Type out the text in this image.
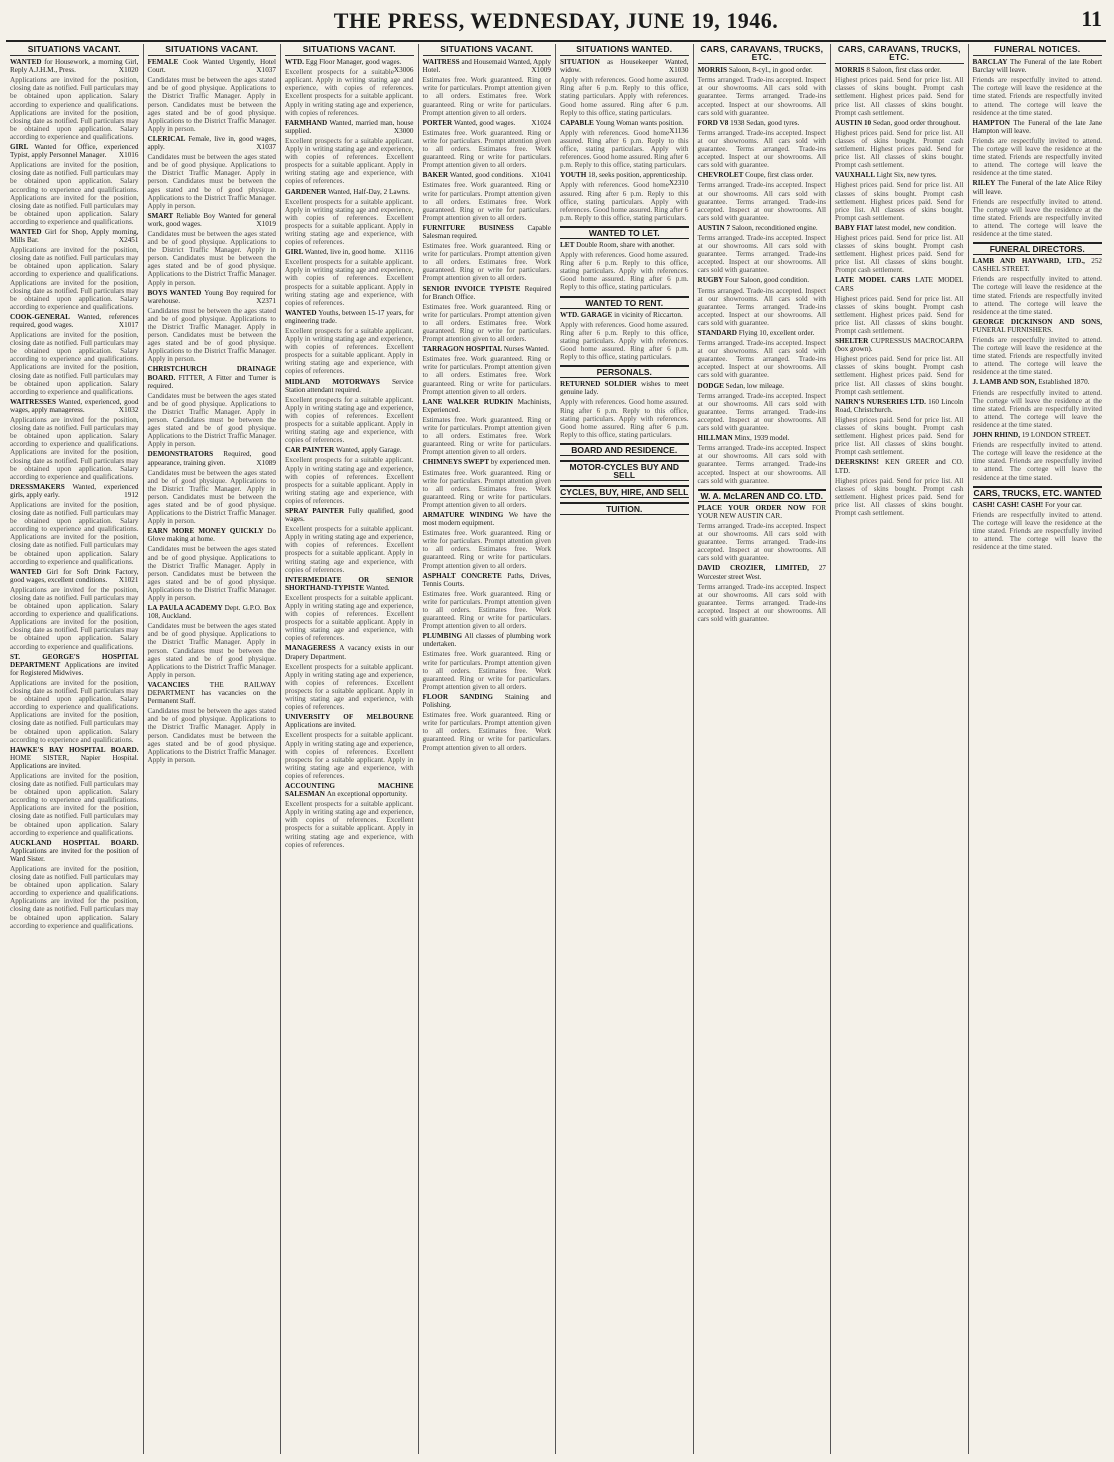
THE PRESS, WEDNESDAY, JUNE 19, 1946.	11
SITUATIONS VACANT.
WANTED for Housework, a morning Girl, Reply A.J.H.M., Press.	X1020
Applications are invited for the position, closing date as notified. Full particulars may be obtained upon application. Salary according to experience and qualifications. Applications are invited for the position, closing date as notified. Full particulars may be obtained upon application. Salary according to experience and qualifications.
GIRL Wanted for Office, experienced Typist, apply Personnel Manager. X1016
Applications are invited for the position, closing date as notified. Full particulars may be obtained upon application. Salary according to experience and qualifications. Applications are invited for the position, closing date as notified. Full particulars may be obtained upon application. Salary according to experience and qualifications.
WANTED Girl for Shop, Apply morning, Mills Bar.	X2451
Applications are invited for the position, closing date as notified. Full particulars may be obtained upon application. Salary according to experience and qualifications. Applications are invited for the position, closing date as notified. Full particulars may be obtained upon application. Salary according to experience and qualifications.
COOK-GENERAL Wanted, references required, good wages.	X1017
Applications are invited for the position, closing date as notified. Full particulars may be obtained upon application. Salary according to experience and qualifications. Applications are invited for the position, closing date as notified. Full particulars may be obtained upon application. Salary according to experience and qualifications.
WAITRESSES Wanted, experienced, good wages, apply manageress.	X1032
Applications are invited for the position, closing date as notified. Full particulars may be obtained upon application. Salary according to experience and qualifications. Applications are invited for the position, closing date as notified. Full particulars may be obtained upon application. Salary according to experience and qualifications.
DRESSMAKERS Wanted, experienced girls, apply early.	1912
Applications are invited for the position, closing date as notified. Full particulars may be obtained upon application. Salary according to experience and qualifications. Applications are invited for the position, closing date as notified. Full particulars may be obtained upon application. Salary according to experience and qualifications.
WANTED Girl for Soft Drink Factory, good wages, excellent conditions. X1021
Applications are invited for the position, closing date as notified. Full particulars may be obtained upon application. Salary according to experience and qualifications. Applications are invited for the position, closing date as notified. Full particulars may be obtained upon application. Salary according to experience and qualifications.
ST. GEORGE'S HOSPITAL DEPARTMENT Applications are invited for Registered Midwives.
Applications are invited for the position, closing date as notified. Full particulars may be obtained upon application. Salary according to experience and qualifications. Applications are invited for the position, closing date as notified. Full particulars may be obtained upon application. Salary according to experience and qualifications.
HAWKE'S BAY HOSPITAL BOARD. HOME SISTER, Napier Hospital. Applications are invited.
Applications are invited for the position, closing date as notified. Full particulars may be obtained upon application. Salary according to experience and qualifications. Applications are invited for the position, closing date as notified. Full particulars may be obtained upon application. Salary according to experience and qualifications.
AUCKLAND HOSPITAL BOARD. Applications are invited for the position of Ward Sister.
Applications are invited for the position, closing date as notified. Full particulars may be obtained upon application. Salary according to experience and qualifications. Applications are invited for the position, closing date as notified. Full particulars may be obtained upon application. Salary according to experience and qualifications.
SITUATIONS VACANT.
FEMALE Cook Wanted Urgently, Hotel Court.	X1037
Candidates must be between the ages stated and be of good physique. Applications to the District Traffic Manager. Apply in person. Candidates must be between the ages stated and be of good physique. Applications to the District Traffic Manager. Apply in person.
CLERICAL Female, live in, good wages, apply.	X1037
Candidates must be between the ages stated and be of good physique. Applications to the District Traffic Manager. Apply in person. Candidates must be between the ages stated and be of good physique. Applications to the District Traffic Manager. Apply in person.
SMART Reliable Boy Wanted for general work, good wages.	X1019
Candidates must be between the ages stated and be of good physique. Applications to the District Traffic Manager. Apply in person. Candidates must be between the ages stated and be of good physique. Applications to the District Traffic Manager. Apply in person.
BOYS WANTED Young Boy required for warehouse.	X2371
Candidates must be between the ages stated and be of good physique. Applications to the District Traffic Manager. Apply in person. Candidates must be between the ages stated and be of good physique. Applications to the District Traffic Manager. Apply in person.
CHRISTCHURCH DRAINAGE BOARD. FITTER, A Fitter and Turner is required.
Candidates must be between the ages stated and be of good physique. Applications to the District Traffic Manager. Apply in person. Candidates must be between the ages stated and be of good physique. Applications to the District Traffic Manager. Apply in person.
DEMONSTRATORS Required, good appearance, training given.	X1089
Candidates must be between the ages stated and be of good physique. Applications to the District Traffic Manager. Apply in person. Candidates must be between the ages stated and be of good physique. Applications to the District Traffic Manager. Apply in person.
EARN MORE MONEY QUICKLY Do Glove making at home.
Candidates must be between the ages stated and be of good physique. Applications to the District Traffic Manager. Apply in person. Candidates must be between the ages stated and be of good physique. Applications to the District Traffic Manager. Apply in person.
LA PAULA ACADEMY Dept. G.P.O. Box 108, Auckland.
Candidates must be between the ages stated and be of good physique. Applications to the District Traffic Manager. Apply in person. Candidates must be between the ages stated and be of good physique. Applications to the District Traffic Manager. Apply in person.
VACANCIES THE RAILWAY DEPARTMENT has vacancies on the Permanent Staff.
Candidates must be between the ages stated and be of good physique. Applications to the District Traffic Manager. Apply in person. Candidates must be between the ages stated and be of good physique. Applications to the District Traffic Manager. Apply in person.
SITUATIONS VACANT.
WTD. Egg Floor Manager, good wages.
X3006
Excellent prospects for a suitable applicant. Apply in writing stating age and experience, with copies of references. Excellent prospects for a suitable applicant. Apply in writing stating age and experience, with copies of references.
FARMHAND Wanted, married man, house supplied.	X3000
Excellent prospects for a suitable applicant. Apply in writing stating age and experience, with copies of references. Excellent prospects for a suitable applicant. Apply in writing stating age and experience, with copies of references.
GARDENER Wanted, Half-Day, 2 Lawns.
Excellent prospects for a suitable applicant. Apply in writing stating age and experience, with copies of references. Excellent prospects for a suitable applicant. Apply in writing stating age and experience, with copies of references.
GIRL Wanted, live in, good home. X1116
Excellent prospects for a suitable applicant. Apply in writing stating age and experience, with copies of references. Excellent prospects for a suitable applicant. Apply in writing stating age and experience, with copies of references.
WANTED Youths, between 15-17 years, for engineering trade.
Excellent prospects for a suitable applicant. Apply in writing stating age and experience, with copies of references. Excellent prospects for a suitable applicant. Apply in writing stating age and experience, with copies of references.
MIDLAND MOTORWAYS Service Station attendant required.
Excellent prospects for a suitable applicant. Apply in writing stating age and experience, with copies of references. Excellent prospects for a suitable applicant. Apply in writing stating age and experience, with copies of references.
CAR PAINTER Wanted, apply Garage.
Excellent prospects for a suitable applicant. Apply in writing stating age and experience, with copies of references. Excellent prospects for a suitable applicant. Apply in writing stating age and experience, with copies of references.
SPRAY PAINTER Fully qualified, good wages.
Excellent prospects for a suitable applicant. Apply in writing stating age and experience, with copies of references. Excellent prospects for a suitable applicant. Apply in writing stating age and experience, with copies of references.
INTERMEDIATE OR SENIOR SHORTHAND-TYPISTE Wanted.
Excellent prospects for a suitable applicant. Apply in writing stating age and experience, with copies of references. Excellent prospects for a suitable applicant. Apply in writing stating age and experience, with copies of references.
MANAGERESS A vacancy exists in our Drapery Department.
Excellent prospects for a suitable applicant. Apply in writing stating age and experience, with copies of references. Excellent prospects for a suitable applicant. Apply in writing stating age and experience, with copies of references.
UNIVERSITY OF MELBOURNE Applications are invited.
Excellent prospects for a suitable applicant. Apply in writing stating age and experience, with copies of references. Excellent prospects for a suitable applicant. Apply in writing stating age and experience, with copies of references.
ACCOUNTING MACHINE SALESMAN An exceptional opportunity.
Excellent prospects for a suitable applicant. Apply in writing stating age and experience, with copies of references. Excellent prospects for a suitable applicant. Apply in writing stating age and experience, with copies of references.
SITUATIONS VACANT.
WAITRESS and Housemaid Wanted, Apply Hotel.	X1009
Estimates free. Work guaranteed. Ring or write for particulars. Prompt attention given to all orders. Estimates free. Work guaranteed. Ring or write for particulars. Prompt attention given to all orders.
PORTER Wanted, good wages. X1024
Estimates free. Work guaranteed. Ring or write for particulars. Prompt attention given to all orders. Estimates free. Work guaranteed. Ring or write for particulars. Prompt attention given to all orders.
BAKER Wanted, good conditions. X1041
Estimates free. Work guaranteed. Ring or write for particulars. Prompt attention given to all orders. Estimates free. Work guaranteed. Ring or write for particulars. Prompt attention given to all orders.
FURNITURE BUSINESS Capable Salesman required.
Estimates free. Work guaranteed. Ring or write for particulars. Prompt attention given to all orders. Estimates free. Work guaranteed. Ring or write for particulars. Prompt attention given to all orders.
SENIOR INVOICE TYPISTE Required for Branch Office.
Estimates free. Work guaranteed. Ring or write for particulars. Prompt attention given to all orders. Estimates free. Work guaranteed. Ring or write for particulars. Prompt attention given to all orders.
TARRAGON HOSPITAL Nurses Wanted.
Estimates free. Work guaranteed. Ring or write for particulars. Prompt attention given to all orders. Estimates free. Work guaranteed. Ring or write for particulars. Prompt attention given to all orders.
LANE WALKER RUDKIN Machinists, Experienced.
Estimates free. Work guaranteed. Ring or write for particulars. Prompt attention given to all orders. Estimates free. Work guaranteed. Ring or write for particulars. Prompt attention given to all orders.
CHIMNEYS SWEPT by experienced men.
Estimates free. Work guaranteed. Ring or write for particulars. Prompt attention given to all orders. Estimates free. Work guaranteed. Ring or write for particulars. Prompt attention given to all orders.
ARMATURE WINDING We have the most modern equipment.
Estimates free. Work guaranteed. Ring or write for particulars. Prompt attention given to all orders. Estimates free. Work guaranteed. Ring or write for particulars. Prompt attention given to all orders.
ASPHALT CONCRETE Paths, Drives, Tennis Courts.
Estimates free. Work guaranteed. Ring or write for particulars. Prompt attention given to all orders. Estimates free. Work guaranteed. Ring or write for particulars. Prompt attention given to all orders.
PLUMBING All classes of plumbing work undertaken.
Estimates free. Work guaranteed. Ring or write for particulars. Prompt attention given to all orders. Estimates free. Work guaranteed. Ring or write for particulars. Prompt attention given to all orders.
FLOOR SANDING Staining and Polishing.
Estimates free. Work guaranteed. Ring or write for particulars. Prompt attention given to all orders. Estimates free. Work guaranteed. Ring or write for particulars. Prompt attention given to all orders.
SITUATIONS WANTED.
SITUATION as Housekeeper Wanted, widow.	X1030
Apply with references. Good home assured. Ring after 6 p.m. Reply to this office, stating particulars. Apply with references. Good home assured. Ring after 6 p.m. Reply to this office, stating particulars.
CAPABLE Young Woman wants position.
X1136
Apply with references. Good home assured. Ring after 6 p.m. Reply to this office, stating particulars. Apply with references. Good home assured. Ring after 6 p.m. Reply to this office, stating particulars.
YOUTH 18, seeks position, apprenticeship.
X2310
Apply with references. Good home assured. Ring after 6 p.m. Reply to this office, stating particulars. Apply with references. Good home assured. Ring after 6 p.m. Reply to this office, stating particulars.
WANTED TO LET.
LET Double Room, share with another.
Apply with references. Good home assured. Ring after 6 p.m. Reply to this office, stating particulars. Apply with references. Good home assured. Ring after 6 p.m. Reply to this office, stating particulars.
WANTED TO RENT.
WTD. GARAGE in vicinity of Riccarton.
Apply with references. Good home assured. Ring after 6 p.m. Reply to this office, stating particulars. Apply with references. Good home assured. Ring after 6 p.m. Reply to this office, stating particulars.
PERSONALS.
RETURNED SOLDIER wishes to meet genuine lady.
Apply with references. Good home assured. Ring after 6 p.m. Reply to this office, stating particulars. Apply with references. Good home assured. Ring after 6 p.m. Reply to this office, stating particulars.
BOARD AND RESIDENCE.
MOTOR-CYCLES BUY AND SELL
CYCLES, BUY, HIRE, AND SELL
TUITION.
CARS, CARAVANS, TRUCKS, ETC.
MORRIS Saloon, 8-cyl., in good order.
Terms arranged. Trade-ins accepted. Inspect at our showrooms. All cars sold with guarantee. Terms arranged. Trade-ins accepted. Inspect at our showrooms. All cars sold with guarantee.
FORD V8 1938 Sedan, good tyres.
Terms arranged. Trade-ins accepted. Inspect at our showrooms. All cars sold with guarantee. Terms arranged. Trade-ins accepted. Inspect at our showrooms. All cars sold with guarantee.
CHEVROLET Coupe, first class order.
Terms arranged. Trade-ins accepted. Inspect at our showrooms. All cars sold with guarantee. Terms arranged. Trade-ins accepted. Inspect at our showrooms. All cars sold with guarantee.
AUSTIN 7 Saloon, reconditioned engine.
Terms arranged. Trade-ins accepted. Inspect at our showrooms. All cars sold with guarantee. Terms arranged. Trade-ins accepted. Inspect at our showrooms. All cars sold with guarantee.
RUGBY Four Saloon, good condition.
Terms arranged. Trade-ins accepted. Inspect at our showrooms. All cars sold with guarantee. Terms arranged. Trade-ins accepted. Inspect at our showrooms. All cars sold with guarantee.
STANDARD Flying 10, excellent order.
Terms arranged. Trade-ins accepted. Inspect at our showrooms. All cars sold with guarantee. Terms arranged. Trade-ins accepted. Inspect at our showrooms. All cars sold with guarantee.
DODGE Sedan, low mileage.
Terms arranged. Trade-ins accepted. Inspect at our showrooms. All cars sold with guarantee. Terms arranged. Trade-ins accepted. Inspect at our showrooms. All cars sold with guarantee.
HILLMAN Minx, 1939 model.
Terms arranged. Trade-ins accepted. Inspect at our showrooms. All cars sold with guarantee. Terms arranged. Trade-ins accepted. Inspect at our showrooms. All cars sold with guarantee.
W. A. McLAREN AND CO. LTD.
PLACE YOUR ORDER NOW FOR YOUR NEW AUSTIN CAR.
Terms arranged. Trade-ins accepted. Inspect at our showrooms. All cars sold with guarantee. Terms arranged. Trade-ins accepted. Inspect at our showrooms. All cars sold with guarantee.
DAVID CROZIER, LIMITED, 27 Worcester street West.
Terms arranged. Trade-ins accepted. Inspect at our showrooms. All cars sold with guarantee. Terms arranged. Trade-ins accepted. Inspect at our showrooms. All cars sold with guarantee.
CARS, CARAVANS, TRUCKS, ETC.
MORRIS 8 Saloon, first class order.
Highest prices paid. Send for price list. All classes of skins bought. Prompt cash settlement. Highest prices paid. Send for price list. All classes of skins bought. Prompt cash settlement.
AUSTIN 10 Sedan, good order throughout.
Highest prices paid. Send for price list. All classes of skins bought. Prompt cash settlement. Highest prices paid. Send for price list. All classes of skins bought. Prompt cash settlement.
VAUXHALL Light Six, new tyres.
Highest prices paid. Send for price list. All classes of skins bought. Prompt cash settlement. Highest prices paid. Send for price list. All classes of skins bought. Prompt cash settlement.
BABY FIAT latest model, new condition.
Highest prices paid. Send for price list. All classes of skins bought. Prompt cash settlement. Highest prices paid. Send for price list. All classes of skins bought. Prompt cash settlement.
LATE MODEL CARS LATE MODEL CARS
Highest prices paid. Send for price list. All classes of skins bought. Prompt cash settlement. Highest prices paid. Send for price list. All classes of skins bought. Prompt cash settlement.
SHELTER CUPRESSUS MACROCARPA (box grown).
Highest prices paid. Send for price list. All classes of skins bought. Prompt cash settlement. Highest prices paid. Send for price list. All classes of skins bought. Prompt cash settlement.
NAIRN'S NURSERIES LTD. 160 Lincoln Road, Christchurch.
Highest prices paid. Send for price list. All classes of skins bought. Prompt cash settlement. Highest prices paid. Send for price list. All classes of skins bought. Prompt cash settlement.
DEERSKINS! KEN GREER and CO. LTD.
Highest prices paid. Send for price list. All classes of skins bought. Prompt cash settlement. Highest prices paid. Send for price list. All classes of skins bought. Prompt cash settlement.
FUNERAL NOTICES.
BARCLAY The Funeral of the late Robert Barclay will leave.
Friends are respectfully invited to attend. The cortege will leave the residence at the time stated. Friends are respectfully invited to attend. The cortege will leave the residence at the time stated.
HAMPTON The Funeral of the late Jane Hampton will leave.
Friends are respectfully invited to attend. The cortege will leave the residence at the time stated. Friends are respectfully invited to attend. The cortege will leave the residence at the time stated.
RILEY The Funeral of the late Alice Riley will leave.
Friends are respectfully invited to attend. The cortege will leave the residence at the time stated. Friends are respectfully invited to attend. The cortege will leave the residence at the time stated.
FUNERAL DIRECTORS.
LAMB AND HAYWARD, LTD., 252 CASHEL STREET.
Friends are respectfully invited to attend. The cortege will leave the residence at the time stated. Friends are respectfully invited to attend. The cortege will leave the residence at the time stated.
GEORGE DICKINSON AND SONS, FUNERAL FURNISHERS.
Friends are respectfully invited to attend. The cortege will leave the residence at the time stated. Friends are respectfully invited to attend. The cortege will leave the residence at the time stated.
J. LAMB AND SON, Established 1870.
Friends are respectfully invited to attend. The cortege will leave the residence at the time stated. Friends are respectfully invited to attend. The cortege will leave the residence at the time stated.
JOHN RHIND, 19 LONDON STREET.
Friends are respectfully invited to attend. The cortege will leave the residence at the time stated. Friends are respectfully invited to attend. The cortege will leave the residence at the time stated.
CARS, TRUCKS, ETC. WANTED
CASH! CASH! CASH! For your car.
Friends are respectfully invited to attend. The cortege will leave the residence at the time stated. Friends are respectfully invited to attend. The cortege will leave the residence at the time stated.
